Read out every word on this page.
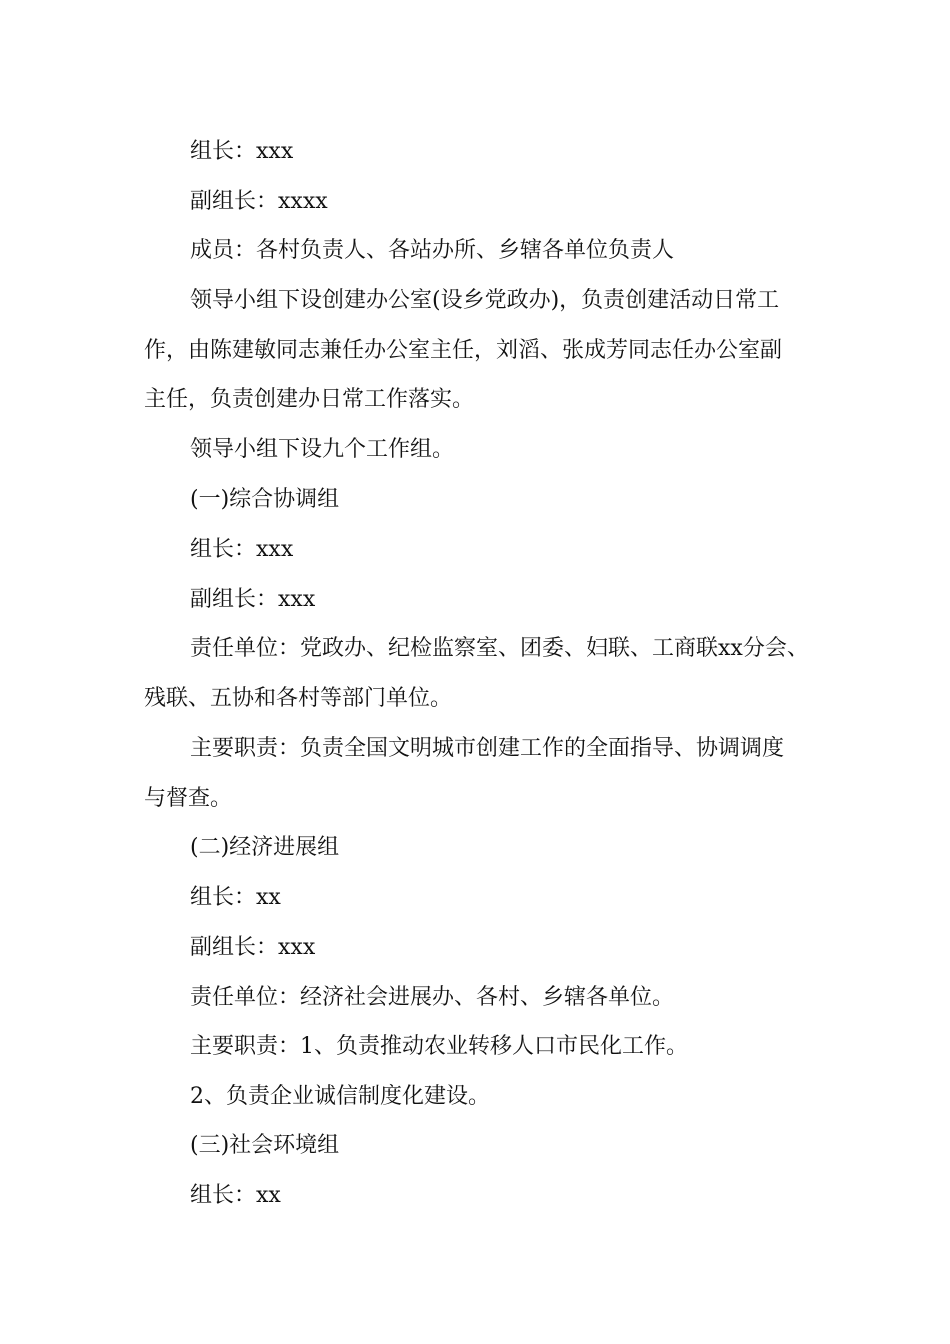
组长：xxx
副组长：xxxx
成员：各村负责人、各站办所、乡辖各单位负责人
领导小组下设创建办公室(设乡党政办)，负责创建活动日常工
作，由陈建敏同志兼任办公室主任，刘滔、张成芳同志任办公室副
主任，负责创建办日常工作落实。
领导小组下设九个工作组。
(一)综合协调组
组长：xxx
副组长：xxx
责任单位：党政办、纪检监察室、团委、妇联、工商联xx分会、
残联、五协和各村等部门单位。
主要职责：负责全国文明城市创建工作的全面指导、协调调度
与督查。
(二)经济进展组
组长：xx
副组长：xxx
责任单位：经济社会进展办、各村、乡辖各单位。
主要职责：1、负责推动农业转移人口市民化工作。
2、负责企业诚信制度化建设。
(三)社会环境组
组长：xx
